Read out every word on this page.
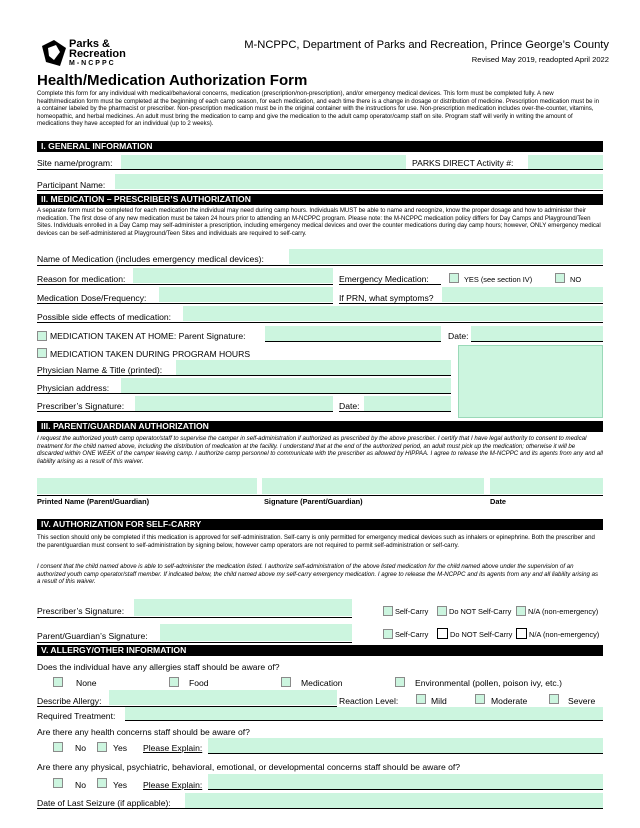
Parks &
Recreation
M-NCPPC
M-NCPPC, Department of Parks and Recreation, Prince George’s County
Revised May 2019, readopted April 2022
Health/Medication Authorization Form
Complete this form for any individual with medical/behavioral concerns, medication (prescription/non-prescription), and/or emergency medical devices. This form must be completed fully. A new health/medication form must be completed at the beginning of each camp season, for each medication, and each time there is a change in dosage or distribution of medicine. Prescription medication must be in a container labeled by the pharmacist or prescriber. Non-prescription medication must be in the original container with the instructions for use. Non-prescription medication includes over-the-counter, vitamins, homeopathic, and herbal medicines. An adult must bring the medication to camp and give the medication to the adult camp operator/camp staff on site. Program staff will verify in writing the amount of medications they have accepted for an individual (up to 2 weeks).
I. GENERAL INFORMATION
Site name/program:	PARKS DIRECT Activity #:
Participant Name:
II. MEDICATION – PRESCRIBER’S AUTHORIZATION
A separate form must be completed for each medication the individual may need during camp hours. Individuals MUST be able to name and recognize, know the proper dosage and how to administer their medication. The first dose of any new medication must be taken 24 hours prior to attending an M-NCPPC program. Please note: the M-NCPPC medication policy differs for Day Camps and Playground/Teen Sites. Individuals enrolled in a Day Camp may self-administer a prescription, including emergency medical devices and over the counter medications during day camp hours; however, ONLY emergency medical devices can be self-administered at Playground/Teen Sites and individuals are required to self-carry.
Name of Medication (includes emergency medical devices):
Reason for medication:	Emergency Medication:	YES (see section IV)	NO
Medication Dose/Frequency:	If PRN, what symptoms?
Possible side effects of medication:
MEDICATION TAKEN AT HOME: Parent Signature:	Date:
MEDICATION TAKEN DURING PROGRAM HOURS
Physician Name & Title (printed):
Physician address:
Prescriber’s Signature:	Date:
III. PARENT/GUARDIAN AUTHORIZATION
I request the authorized youth camp operator/staff to supervise the camper in self-administration if authorized as prescribed by the above prescriber. I certify that I have legal authority to consent to medical treatment for the child named above, including the distribution of medication at the facility. I understand that at the end of the authorized period, an adult must pick up the medication; otherwise it will be discarded within ONE WEEK of the camper leaving camp. I authorize camp personnel to communicate with the prescriber as allowed by HIPPAA. I agree to release the M-NCPPC and its agents from any and all liability arising as a result of this waiver.
Printed Name (Parent/Guardian)	Signature (Parent/Guardian)	Date
IV. AUTHORIZATION FOR SELF-CARRY
This section should only be completed if this medication is approved for self-administration. Self-carry is only permitted for emergency medical devices such as inhalers or epinephrine. Both the prescriber and the parent/guardian must consent to self-administration by signing below, however camp operators are not required to permit self-administration or self-carry.
I consent that the child named above is able to self-administer the medication listed. I authorize self-administration of the above listed medication for the child named above under the supervision of an authorized youth camp operator/staff member. If indicated below, the child named above my self-carry emergency medication. I agree to release the M-NCPPC and its agents from any and all liability arising as a result of this waiver.
Prescriber’s Signature:	Self-Carry	Do NOT Self-Carry N/A (non-emergency)
Parent/Guardian’s Signature:	Self-Carry	Do NOT Self-Carry N/A (non-emergency)
V. ALLERGY/OTHER INFORMATION
Does the individual have any allergies staff should be aware of?
None	Food	Medication	Environmental (pollen, poison ivy, etc.)
Describe Allergy:	Reaction Level:	Mild	Moderate	Severe
Required Treatment:
Are there any health concerns staff should be aware of?
No	Yes Please Explain:
Are there any physical, psychiatric, behavioral, emotional, or developmental concerns staff should be aware of?
No	Yes Please Explain:
Date of Last Seizure (if applicable):
